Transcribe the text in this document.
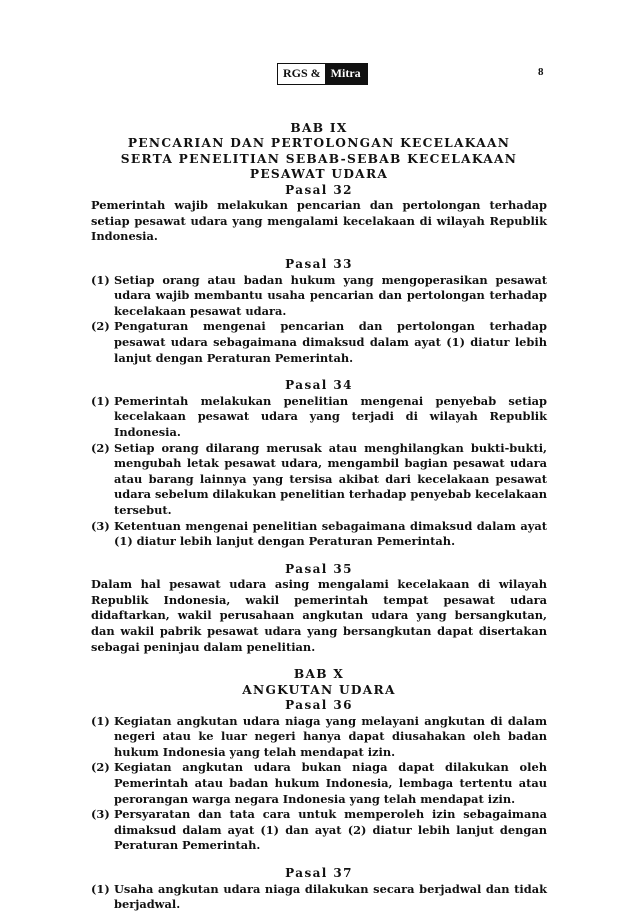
RGS & Mitra	8
BAB IX
PENCARIAN DAN PERTOLONGAN KECELAKAAN
SERTA PENELITIAN SEBAB-SEBAB KECELAKAAN
PESAWAT UDARA
Pasal 32

Pemerintah wajib melakukan pencarian dan pertolongan terhadap setiap pesawat udara yang mengalami kecelakaan di wilayah Republik Indonesia.

Pasal 33
(1) Setiap orang atau badan hukum yang mengoperasikan pesawat udara wajib membantu usaha pencarian dan pertolongan terhadap kecelakaan pesawat udara.
(2) Pengaturan mengenai pencarian dan pertolongan terhadap pesawat udara sebagaimana dimaksud dalam ayat (1) diatur lebih lanjut dengan Peraturan Pemerintah.
Pasal 34
(1) Pemerintah melakukan penelitian mengenai penyebab setiap kecelakaan pesawat udara yang terjadi di wilayah Republik Indonesia.
(2) Setiap orang dilarang merusak atau menghilangkan bukti-bukti, mengubah letak pesawat udara, mengambil bagian pesawat udara atau barang lainnya yang tersisa akibat dari kecelakaan pesawat udara sebelum dilakukan penelitian terhadap penyebab kecelakaan tersebut.
(3) Ketentuan mengenai penelitian sebagaimana dimaksud dalam ayat (1) diatur lebih lanjut dengan Peraturan Pemerintah.
Pasal 35

Dalam hal pesawat udara asing mengalami kecelakaan di wilayah Republik Indonesia, wakil pemerintah tempat pesawat udara didaftarkan, wakil perusahaan angkutan udara yang bersangkutan, dan wakil pabrik pesawat udara yang bersangkutan dapat disertakan sebagai peninjau dalam penelitian.

BAB X
ANGKUTAN UDARA
Pasal 36
(1) Kegiatan angkutan udara niaga yang melayani angkutan di dalam negeri atau ke luar negeri hanya dapat diusahakan oleh badan hukum Indonesia yang telah mendapat izin.
(2) Kegiatan angkutan udara bukan niaga dapat dilakukan oleh Pemerintah atau badan hukum Indonesia, lembaga tertentu atau perorangan warga negara Indonesia yang telah mendapat izin.
(3) Persyaratan dan tata cara untuk memperoleh izin sebagaimana dimaksud dalam ayat (1) dan ayat (2) diatur lebih lanjut dengan Peraturan Pemerintah.
Pasal 37
(1) Usaha angkutan udara niaga dilakukan secara berjadwal dan tidak berjadwal.
